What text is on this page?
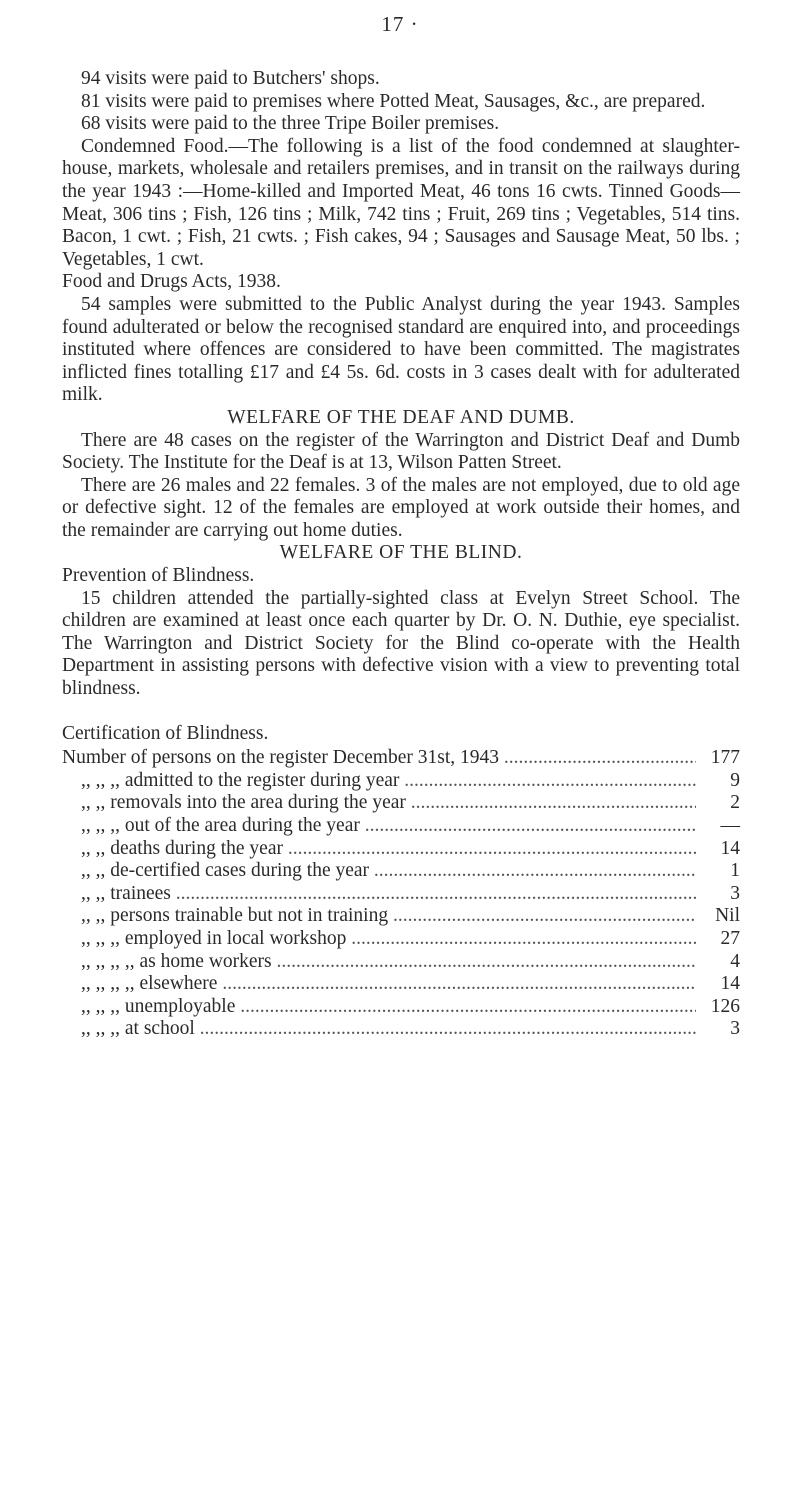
17 ·

94 visits were paid to Butchers' shops.

81 visits were paid to premises where Potted Meat, Sausages, &c., are prepared.

68 visits were paid to the three Tripe Boiler premises.

Condemned Food.—The following is a list of the food condemned at slaughter-house, markets, wholesale and retailers premises, and in transit on the railways during the year 1943 :—Home-killed and Imported Meat, 46 tons 16 cwts. Tinned Goods—Meat, 306 tins ; Fish, 126 tins ; Milk, 742 tins ; Fruit, 269 tins ; Vegetables, 514 tins. Bacon, 1 cwt. ; Fish, 21 cwts. ; Fish cakes, 94 ; Sausages and Sausage Meat, 50 lbs. ; Vegetables, 1 cwt.

Food and Drugs Acts, 1938.

54 samples were submitted to the Public Analyst during the year 1943. Samples found adulterated or below the recognised standard are enquired into, and proceedings instituted where offences are considered to have been committed. The magistrates inflicted fines totalling £17 and £4 5s. 6d. costs in 3 cases dealt with for adulterated milk.

WELFARE OF THE DEAF AND DUMB.

There are 48 cases on the register of the Warrington and District Deaf and Dumb Society. The Institute for the Deaf is at 13, Wilson Patten Street.

There are 26 males and 22 females. 3 of the males are not employed, due to old age or defective sight. 12 of the females are employed at work outside their homes, and the remainder are carrying out home duties.

WELFARE OF THE BLIND.

Prevention of Blindness.

15 children attended the partially-sighted class at Evelyn Street School. The children are examined at least once each quarter by Dr. O. N. Duthie, eye specialist. The Warrington and District Society for the Blind co-operate with the Health Department in assisting persons with defective vision with a view to preventing total blindness.

Certification of Blindness.

Number of persons on the register December 31st, 1943 .....	177
,, ,, ,, admitted to the register during year .....	9
,, ,, removals into the area during the year .....	2
,, ,, ,, out of the area during the year .....	—
,, ,, deaths during the year .....	14
,, ,, de-certified cases during the year .....	1
,, ,, trainees .....	3
,, ,, persons trainable but not in training .....	Nil
,, ,, ,, employed in local workshop .....	27
,, ,, ,, ,, as home workers .....	4
,, ,, ,, ,, elsewhere .....	14
,, ,, ,, unemployable .....	126
,, ,, ,, at school .....	3
